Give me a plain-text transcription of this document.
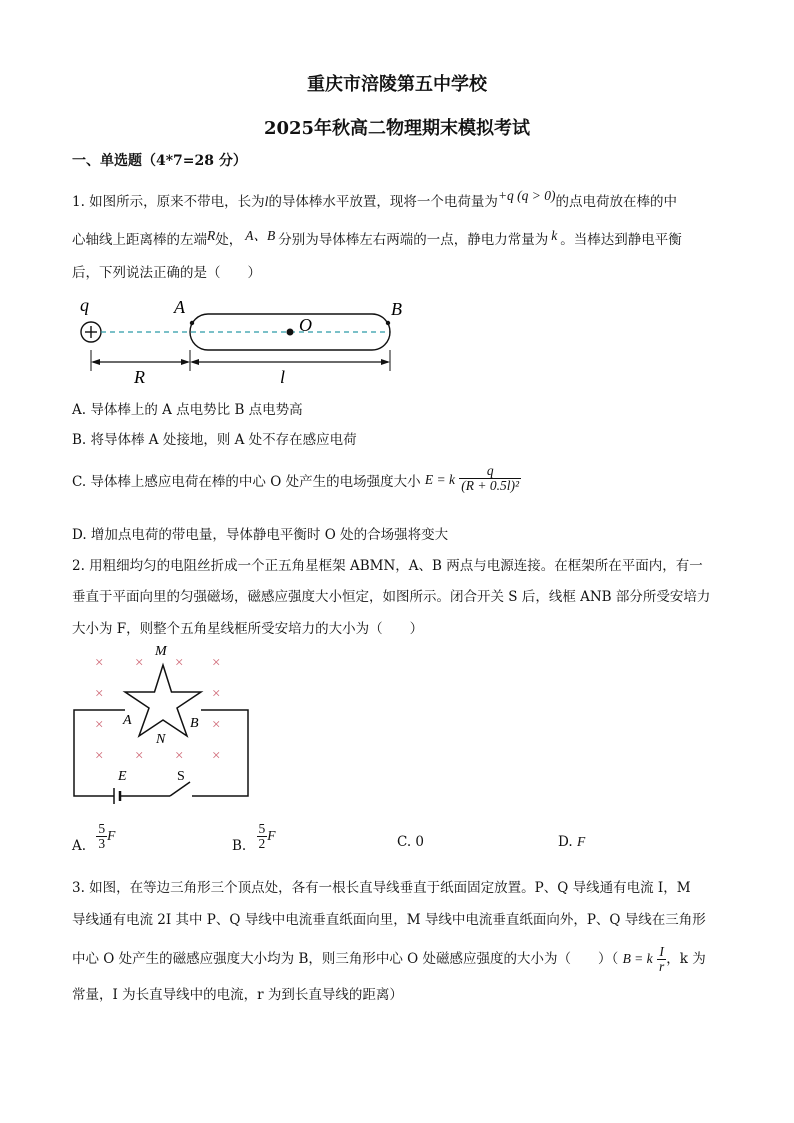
重庆市涪陵第五中学校
2025年秋高二物理期末模拟考试
一、单选题（4*7=28 分）
1. 如图所示，原来不带电，长为l的导体棒水平放置，现将一个电荷量为+q (q > 0)的点电荷放在棒的中
心轴线上距离棒的左端R处， A、B 分别为导体棒左右两端的一点，静电力常量为 k 。当棒达到静电平衡
后，下列说法正确的是（　　）
q	A	B
O
R	l
A. 导体棒上的 A 点电势比 B 点电势高
B. 将导体棒 A 处接地，则 A 处不存在感应电荷
C. 导体棒上感应电荷在棒的中心 O 处产生的电场强度大小 E = k $\frac{q}{\text{(R + 0.5l)²}}$
D. 增加点电荷的带电量，导体静电平衡时 O 处的合场强将变大
2. 用粗细均匀的电阻丝折成一个正五角星框架 ABMN，A、B 两点与电源连接。在框架所在平面内，有一
垂直于平面向里的匀强磁场，磁感应强度大小恒定，如图所示。闭合开关 S 后，线框 ANB 部分所受安培力
大小为 F，则整个五角星线框所受安培力的大小为（　　）
× × × ×
×	×
×	×
× × × ×
M
A	B
N
E	S
A. $\frac{5}{3}$ F
B. $\frac{5}{2}$ F	C. 0	D. F
3. 如图，在等边三角形三个顶点处，各有一根长直导线垂直于纸面固定放置。P、Q 导线通有电流 I，M
导线通有电流 2I 其中 P、Q 导线中电流垂直纸面向里，M 导线中电流垂直纸面向外，P、Q 导线在三角形
中心 O 处产生的磁感应强度大小均为 B，则三角形中心 O 处磁感应强度的大小为（　　）（ B = k $\frac{I}{r}$ ，k 为
常量，I 为长直导线中的电流，r 为到长直导线的距离）
